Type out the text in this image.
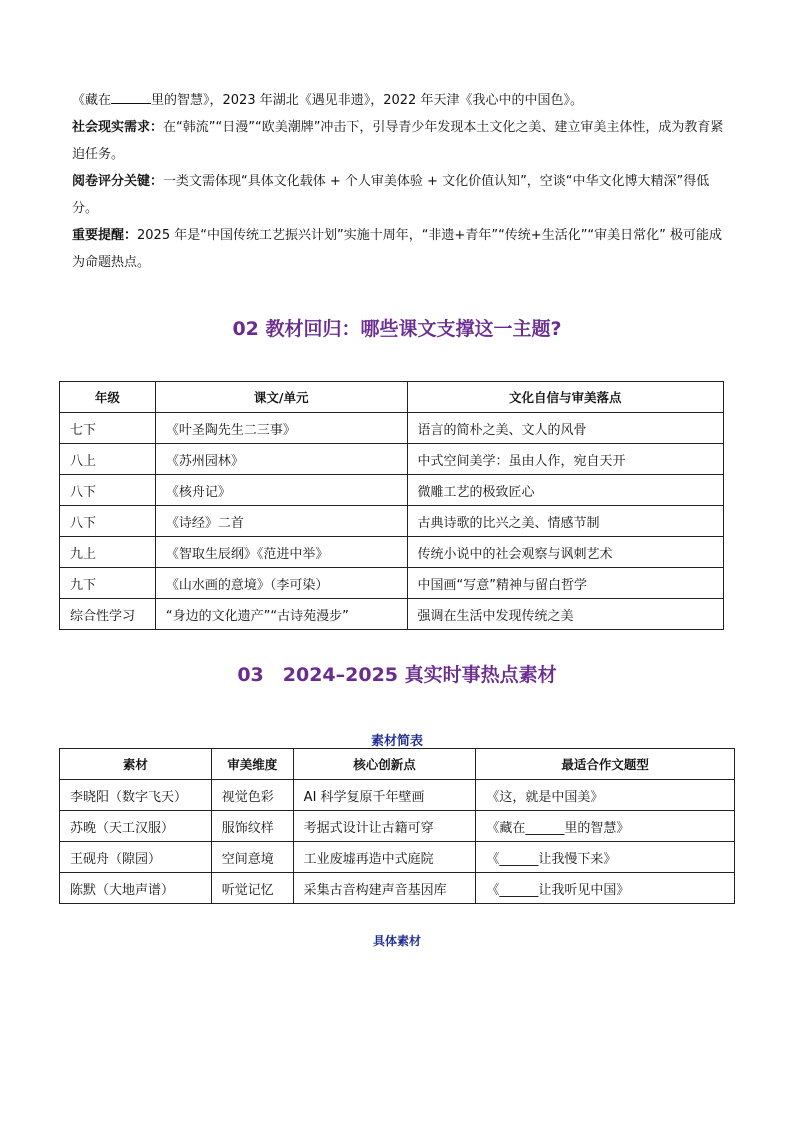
《藏在	里的智慧》，2023 年湖北《遇见非遗》，2022 年天津《我心中的中国色》。
社会现实需求：在“韩流”“日漫”“欧美潮牌”冲击下，引导青少年发现本土文化之美、建立审美主体性，成为教育紧迫任务。
阅卷评分关键：一类文需体现“具体文化载体 + 个人审美体验 + 文化价值认知”，空谈“中华文化博大精深”得低分。
重要提醒：2025 年是“中国传统工艺振兴计划”实施十周年，“非遗+青年”“传统+生活化”“审美日常化” 极可能成为命题热点。
02 教材回归：哪些课文支撑这一主题?
年级	课文/单元	文化自信与审美落点
七下	《叶圣陶先生二三事》	语言的简朴之美、文人的风骨
八上	《苏州园林》	中式空间美学：虽由人作，宛自天开
八下	《核舟记》	微雕工艺的极致匠心
八下	《诗经》二首	古典诗歌的比兴之美、情感节制
九上	《智取生辰纲》《范进中举》	传统小说中的社会观察与讽刺艺术
九下	《山水画的意境》（李可染）	中国画“写意”精神与留白哲学
综合性学习	“身边的文化遗产”“古诗苑漫步”	强调在生活中发现传统之美
03　2024–2025 真实时事热点素材
素材简表
素材	审美维度	核心创新点	最适合作文题型
李晓阳（数字飞天）	视觉色彩	AI 科学复原千年壁画	《这，就是中国美》
苏晚（天工汉服）	服饰纹样	考据式设计让古籍可穿	《藏在______里的智慧》
王砚舟（隙园）	空间意境	工业废墟再造中式庭院	《______让我慢下来》
陈默（大地声谱）	听觉记忆	采集古音构建声音基因库	《______让我听见中国》
具体素材
